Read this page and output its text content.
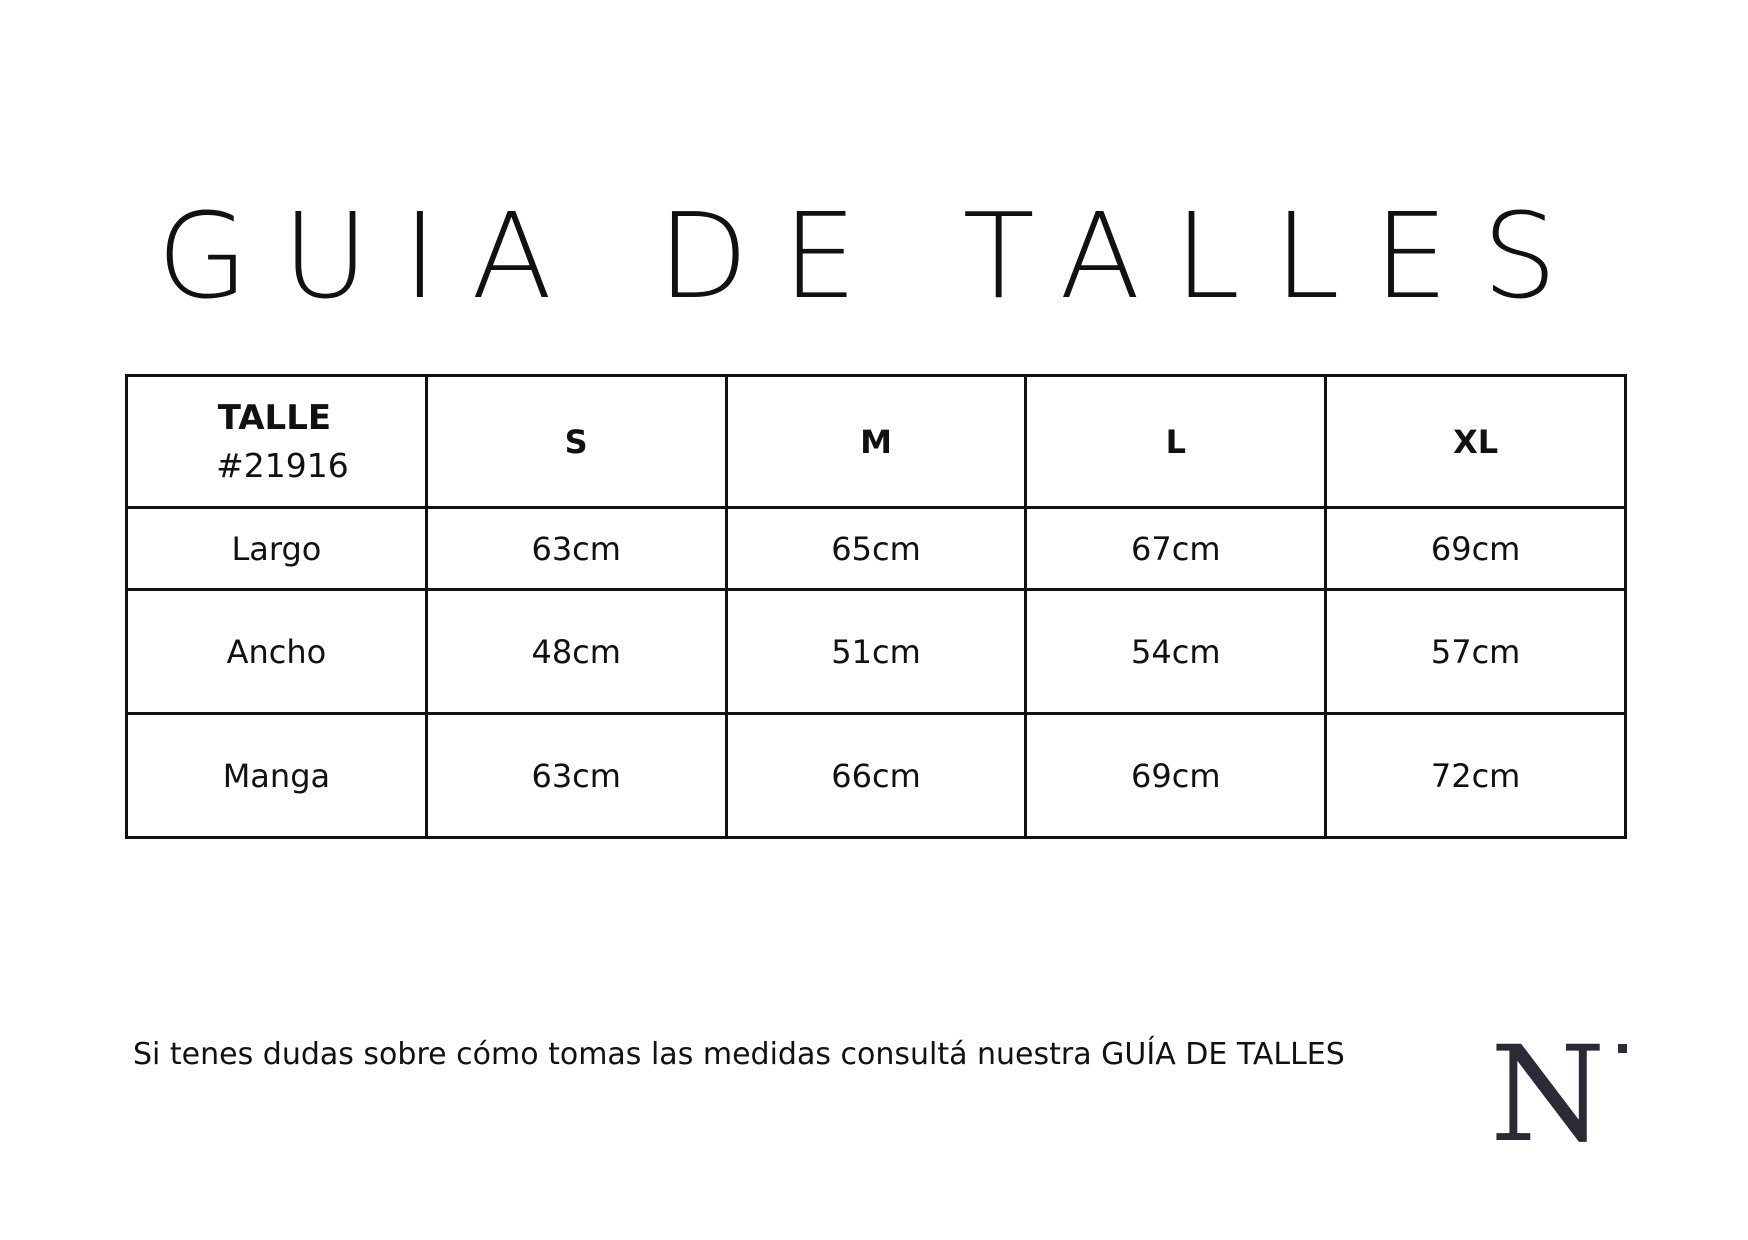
GUIA DE TALLES
TALLE
#21916	S	M	L	XL
Largo	63cm	65cm	67cm	69cm
Ancho	48cm	51cm	54cm	57cm
Manga	63cm	66cm	69cm	72cm

Si tenes dudas sobre cómo tomas las medidas consultá nuestra GUÍA DE TALLES N
